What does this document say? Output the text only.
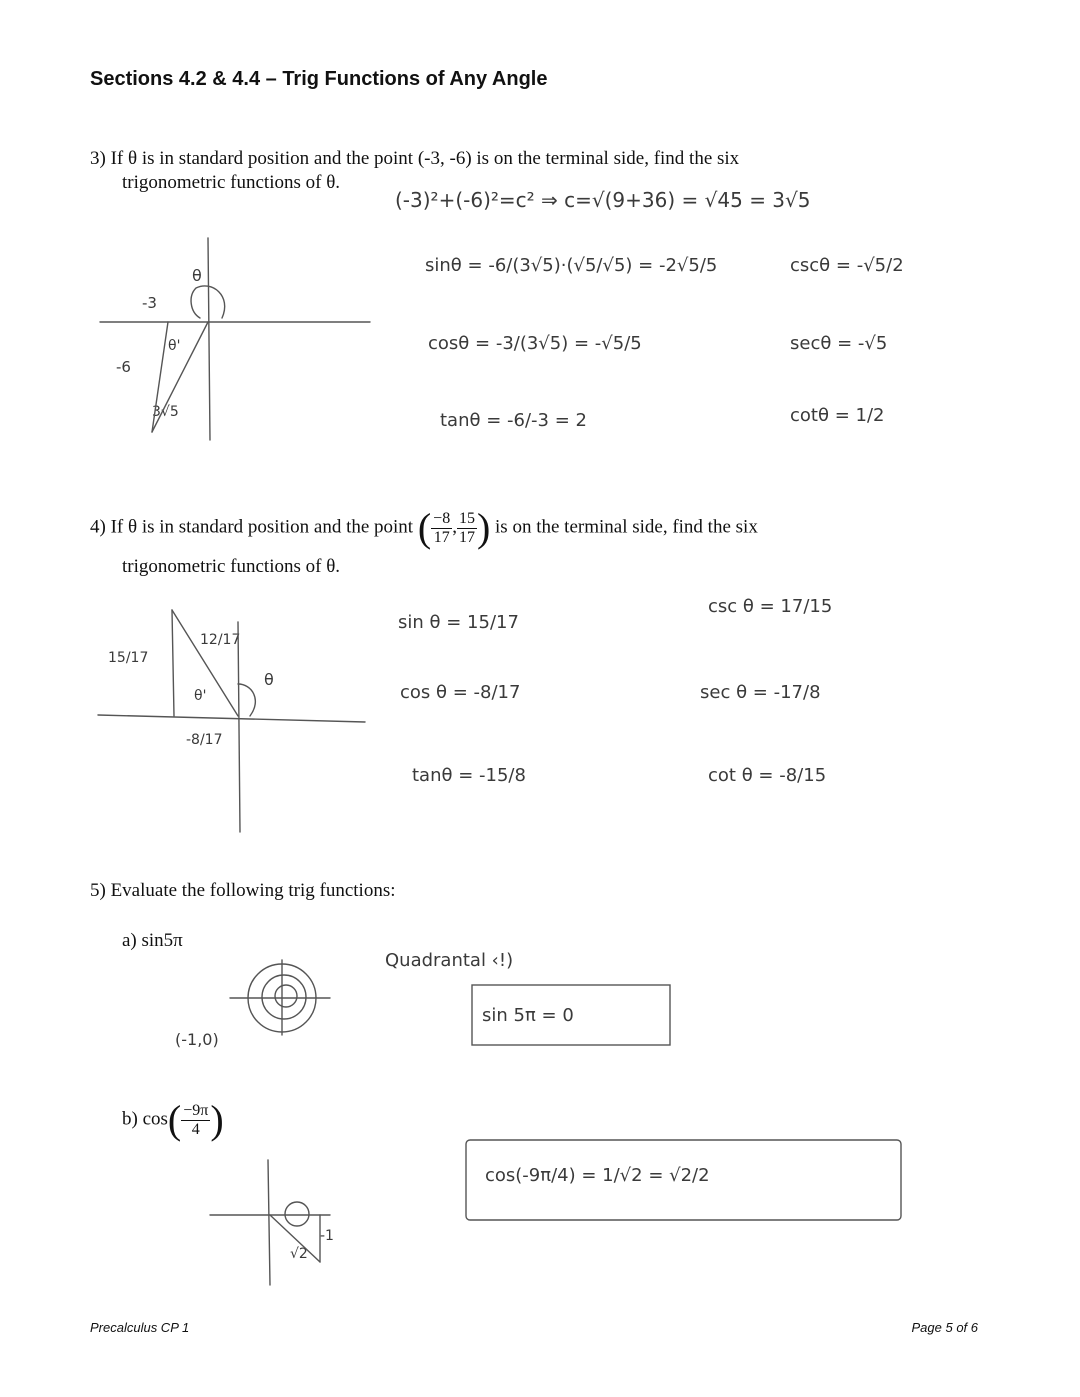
Sections 4.2 & 4.4 – Trig Functions of Any Angle
3) If θ is in standard position and the point (-3, -6) is on the terminal side, find the six
trigonometric functions of θ.
(-3)²+(-6)²=c² ⇒ c=√(9+36) = √45 = 3√5
sinθ = -6/(3√5)·(√5/√5) = -2√5/5
cosθ = -3/(3√5) = -√5/5
tanθ = -6/-3 = 2
cscθ = -√5/2
secθ = -√5
cotθ = 1/2
-3
-6
3√5
θ
θ'
4) If θ is in standard position and the point ( $\frac{-8}{17}$ , $\frac{15}{17}$ ) is on the terminal side, find the six
trigonometric functions of θ.
sin θ = 15/17
cos θ = -8/17
tanθ = -15/8
csc θ = 17/15
sec θ = -17/8
cot θ = -8/15
15/17
12/17
-8/17
θ
θ'
5) Evaluate the following trig functions:
a) sin5π
Quadrantal ‹!)
sin 5π = 0
(-1,0)
b) $\cos( \frac{-9\pi}{4}$ )
cos(-9π/4) = 1/√2 = √2/2
√2
-1
Precalculus CP 1	Page 5 of 6
